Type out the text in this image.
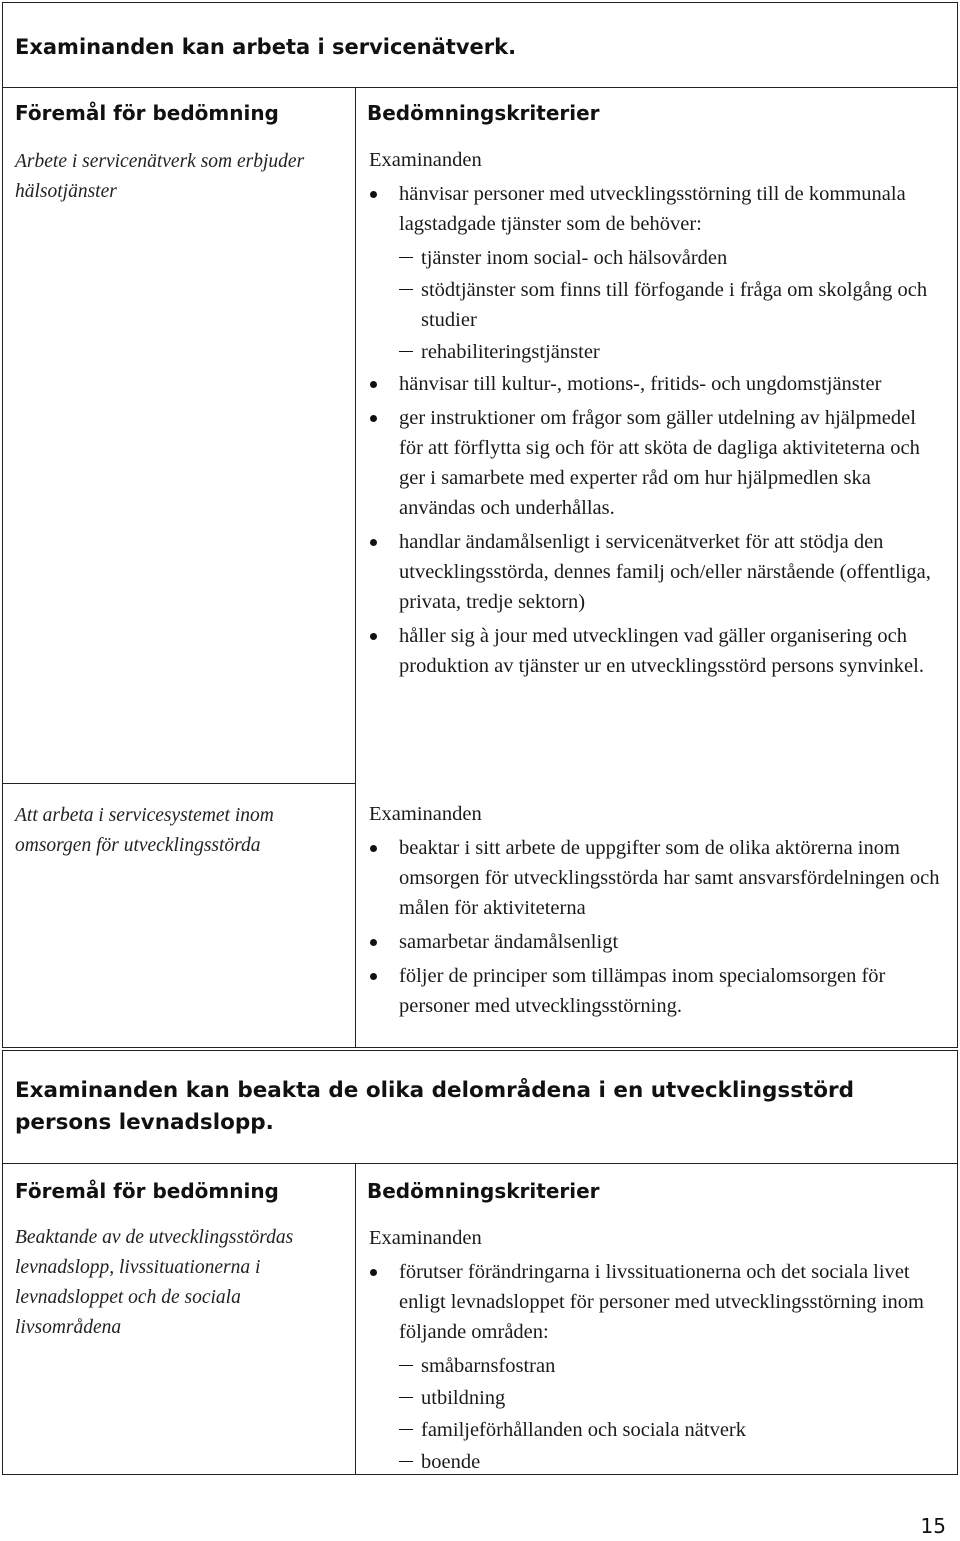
Examinanden kan arbeta i servicenätverk.
Föremål för bedömning	Bedömningskriterier
Arbete i servicenätverk som erbjuder hälsotjänster
Att arbeta i servicesystemet inom omsorgen för utvecklingsstörda
Examinanden
hänvisar personer med utvecklingsstörning till de kommunala lagstadgade tjänster som de behöver:
tjänster inom social- och hälsovården
stödtjänster som finns till förfogande i fråga om skolgång och studier
rehabiliteringstjänster
hänvisar till kultur-, motions-, fritids- och ungdomstjänster
ger instruktioner om frågor som gäller utdelning av hjälpmedel för att förflytta sig och för att sköta de dagliga aktiviteterna och ger i samarbete med experter råd om hur hjälpmedlen ska användas och underhållas.
handlar ändamålsenligt i servicenätverket för att stödja den utvecklingsstörda, dennes familj och/eller närstående (offentliga, privata, tredje sektorn)
håller sig à jour med utvecklingen vad gäller organisering och produktion av tjänster ur en utvecklingsstörd persons synvinkel.
Examinanden
beaktar i sitt arbete de uppgifter som de olika aktörerna inom omsorgen för utvecklingsstörda har samt ansvarsfördelningen och målen för aktiviteterna
samarbetar ändamålsenligt
följer de principer som tillämpas inom specialomsorgen för personer med utvecklingsstörning.
Examinanden kan beakta de olika delområdena i en utvecklingsstörd persons levnadslopp.
Föremål för bedömning	Bedömningskriterier
Beaktande av de utvecklingsstördas levnadslopp, livssituationerna i levnadsloppet och de sociala livsområdena
Examinanden
förutser förändringarna i livssituationerna och det sociala livet enligt levnadsloppet för personer med utvecklingsstörning inom följande områden:
småbarnsfostran
utbildning
familjeförhållanden och sociala nätverk
boende
15
